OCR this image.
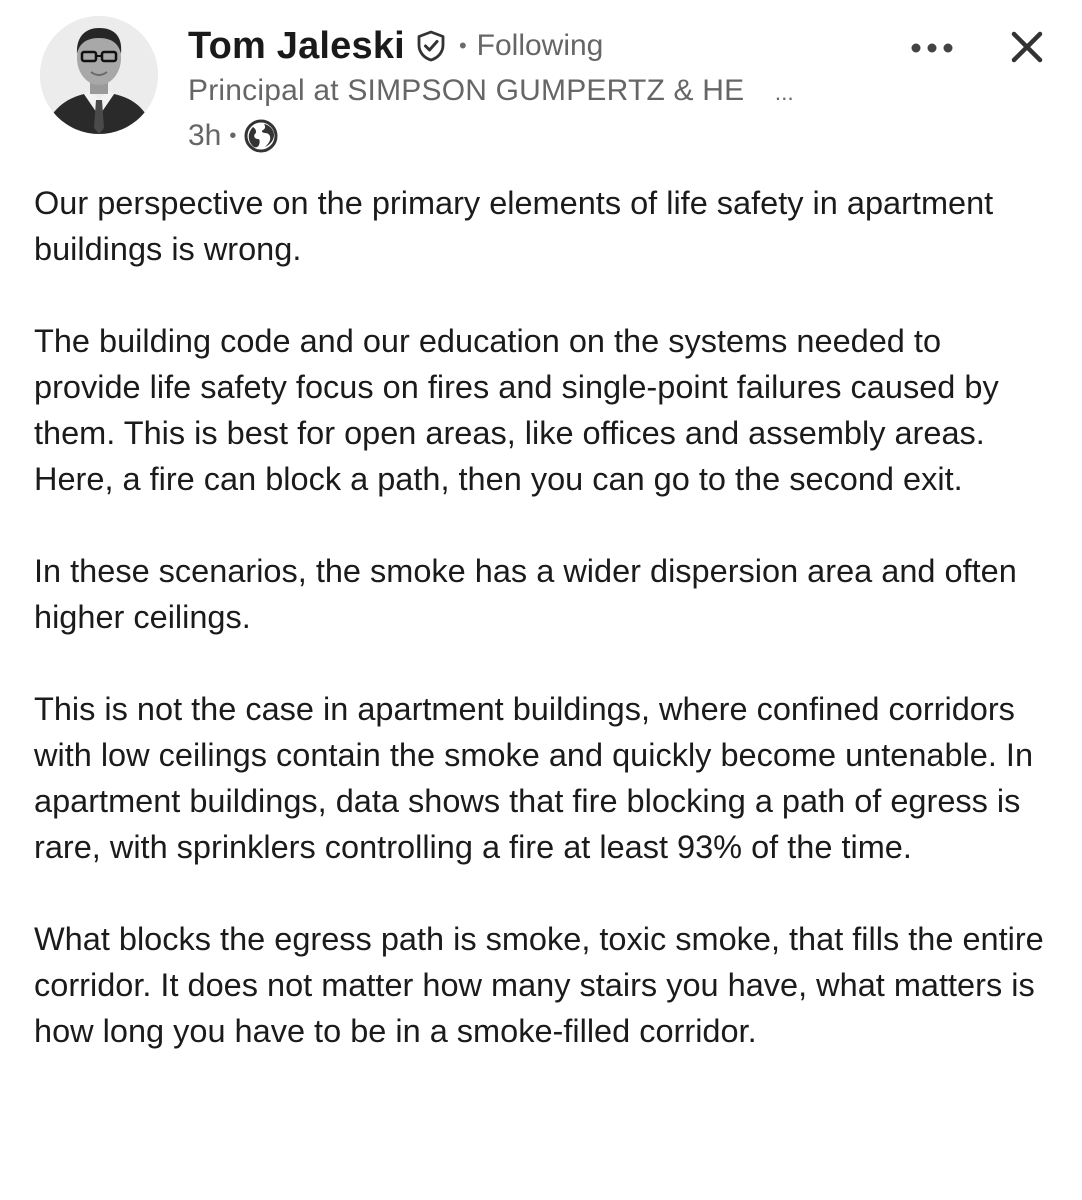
Tom Jaleski • Following
Principal at SIMPSON GUMPERTZ & HE ...
3h •

Our perspective on the primary elements of life safety in apartment buildings is wrong.

The building code and our education on the systems needed to provide life safety focus on fires and single-point failures caused by them. This is best for open areas, like offices and assembly areas. Here, a fire can block a path, then you can go to the second exit.

In these scenarios, the smoke has a wider dispersion area and often higher ceilings.

This is not the case in apartment buildings, where confined corridors with low ceilings contain the smoke and quickly become untenable. In apartment buildings, data shows that fire blocking a path of egress is rare, with sprinklers controlling a fire at least 93% of the time.

What blocks the egress path is smoke, toxic smoke, that fills the entire corridor. It does not matter how many stairs you have, what matters is how long you have to be in a smoke-filled corridor.
